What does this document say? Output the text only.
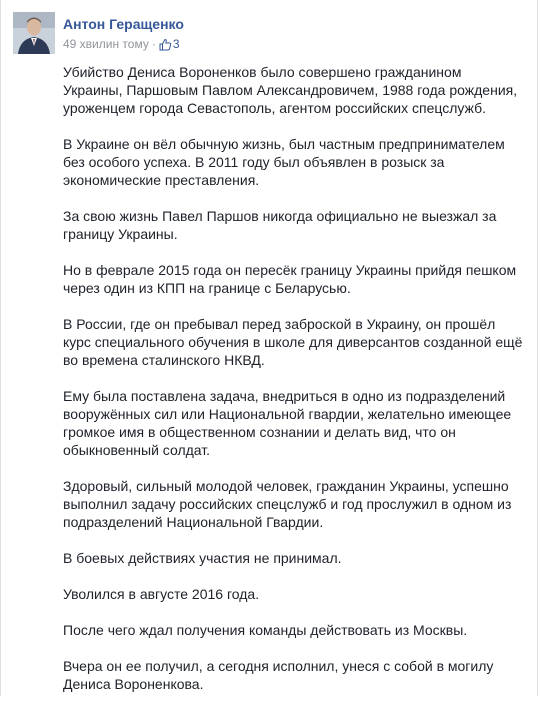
Антон Геращенко
49 хвилин тому · 3

Убийство Дениса Вороненков было совершено гражданином Украины, Паршовым Павлом Александровичем, 1988 года рождения, уроженцем города Севастополь, агентом российских спецслужб.

В Украине он вёл обычную жизнь, был частным предпринимателем без особого успеха. В 2011 году был объявлен в розыск за экономические преставления.

За свою жизнь Павел Паршов никогда официально не выезжал за границу Украины.

Но в феврале 2015 года он пересёк границу Украины прийдя пешком через один из КПП на границе с Беларусью.

В России, где он пребывал перед заброской в Украину, он прошёл курс специального обучения в школе для диверсантов созданной ещё во времена сталинского НКВД.

Ему была поставлена задача, внедриться в одно из подразделений вооружённых сил или Национальной гвардии, желательно имеющее громкое имя в общественном сознании и делать вид, что он обыкновенный солдат.

Здоровый, сильный молодой человек, гражданин Украины, успешно выполнил задачу российских спецслужб и год прослужил в одном из подразделений Национальной Гвардии.

В боевых действиях участия не принимал.

Уволился в августе 2016 года.

После чего ждал получения команды действовать из Москвы.

Вчера он ее получил, а сегодня исполнил, унеся с собой в могилу Дениса Вороненкова.
